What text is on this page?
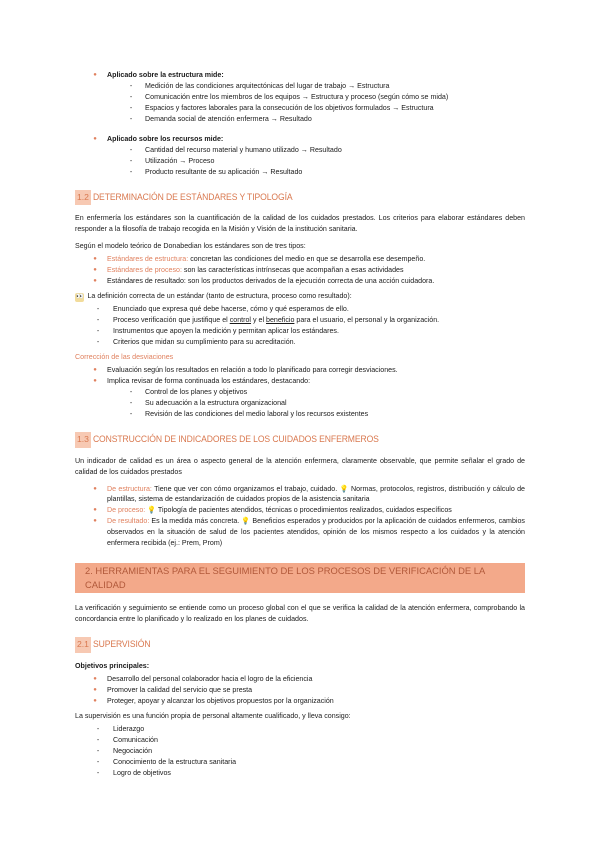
●	Aplicado sobre la estructura mide:
-	Medición de las condiciones arquitectónicas del lugar de trabajo → Estructura
-	Comunicación entre los miembros de los equipos → Estructura y proceso (según cómo se mida)
-	Espacios y factores laborales para la consecución de los objetivos formulados → Estructura
-	Demanda social de atención enfermera → Resultado
●	Aplicado sobre los recursos mide:
-	Cantidad del recurso material y humano utilizado → Resultado
-	Utilización → Proceso
-	Producto resultante de su aplicación → Resultado
1.2 DETERMINACIÓN DE ESTÁNDARES Y TIPOLOGÍA

En enfermería los estándares son la cuantificación de la calidad de los cuidados prestados. Los criterios para elaborar estándares deben responder a la filosofía de trabajo recogida en la Misión y Visión de la institución sanitaria.

Según el modelo teórico de Donabedian los estándares son de tres tipos:

●	Estándares de estructura: concretan las condiciones del medio en que se desarrolla ese desempeño.
●	Estándares de proceso: son las características intrínsecas que acompañan a esas actividades
●	Estándares de resultado: son los productos derivados de la ejecución correcta de una acción cuidadora.

👀 La definición correcta de un estándar (tanto de estructura, proceso como resultado):

-	Enunciado que expresa qué debe hacerse, cómo y qué esperamos de ello.
-	Proceso verificación que justifique el control y el beneficio para el usuario, el personal y la organización.
-	Instrumentos que apoyen la medición y permitan aplicar los estándares.
-	Criterios que midan su cumplimiento para su acreditación.

Corrección de las desviaciones

●	Evaluación según los resultados en relación a todo lo planificado para corregir desviaciones.
●	Implica revisar de forma continuada los estándares, destacando:
-	Control de los planes y objetivos
-	Su adecuación a la estructura organizacional
-	Revisión de las condiciones del medio laboral y los recursos existentes
1.3 CONSTRUCCIÓN DE INDICADORES DE LOS CUIDADOS ENFERMEROS

Un indicador de calidad es un área o aspecto general de la atención enfermera, claramente observable, que permite señalar el grado de calidad de los cuidados prestados

●	De estructura: Tiene que ver con cómo organizamos el trabajo, cuidado. 💡 Normas, protocolos, registros, distribución y cálculo de plantillas, sistema de estandarización de cuidados propios de la asistencia sanitaria
●	De proceso: 💡 Tipología de pacientes atendidos, técnicas o procedimientos realizados, cuidados específicos
●	De resultado: Es la medida más concreta. 💡 Beneficios esperados y producidos por la aplicación de cuidados enfermeros, cambios observados en la situación de salud de los pacientes atendidos, opinión de los mismos respecto a los cuidados y la atención enfermera recibida (ej.: Prem, Prom)
2. HERRAMIENTAS PARA EL SEGUIMIENTO DE LOS PROCESOS DE VERIFICACIÓN DE LA CALIDAD

La verificación y seguimiento se entiende como un proceso global con el que se verifica la calidad de la atención enfermera, comprobando la concordancia entre lo planificado y lo realizado en los planes de cuidados.

2.1 SUPERVISIÓN

Objetivos principales:

●	Desarrollo del personal colaborador hacia el logro de la eficiencia
●	Promover la calidad del servicio que se presta
●	Proteger, apoyar y alcanzar los objetivos propuestos por la organización

La supervisión es una función propia de personal altamente cualificado, y lleva consigo:

-	Liderazgo
-	Comunicación
-	Negociación
-	Conocimiento de la estructura sanitaria
-	Logro de objetivos
